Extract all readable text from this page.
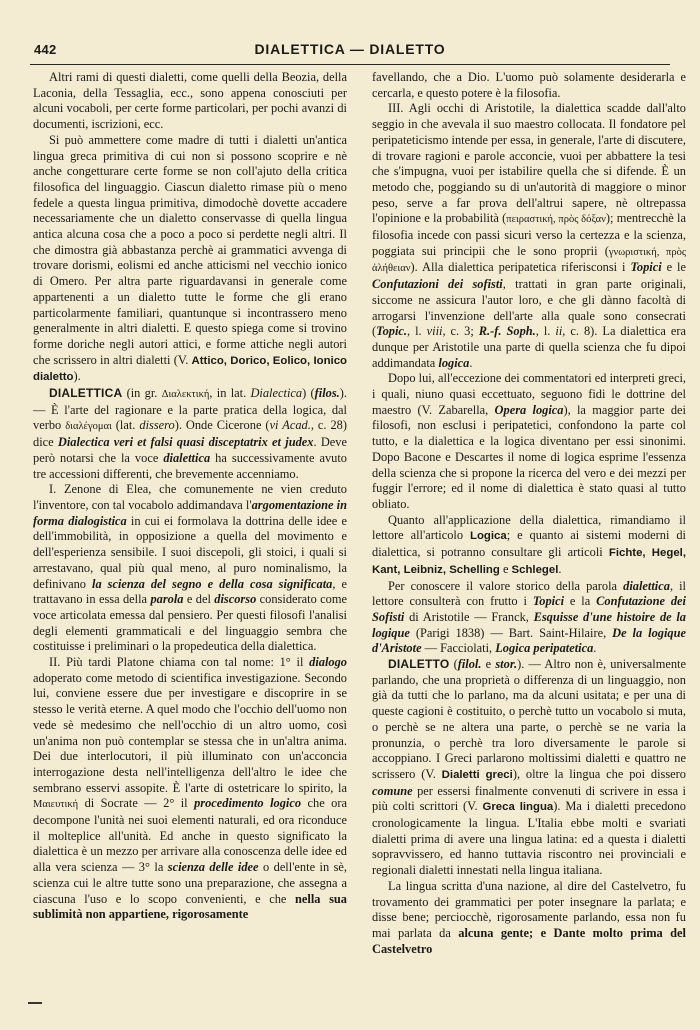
442	DIALETTICA — DIALETTO

Altri rami di questi dialetti, come quelli della Beozia, della Laconia, della Tessaglia, ecc., sono appena conosciuti per alcuni vocaboli, per certe forme particolari, per pochi avanzi di documenti, iscrizioni, ecc.

Si può ammettere come madre di tutti i dialetti un'antica lingua greca primitiva di cui non si possono scoprire e nè anche congetturare certe forme se non coll'ajuto della critica filosofica del linguaggio. Ciascun dialetto rimase più o meno fedele a questa lingua primitiva, dimodochè dovette accadere necessariamente che un dialetto conservasse di quella lingua antica alcuna cosa che a poco a poco si perdette negli altri. Il che dimostra già abbastanza perchè ai grammatici avvenga di trovare dorismi, eolismi ed anche atticismi nel vecchio ionico di Omero. Per altra parte riguardavansi in generale come appartenenti a un dialetto tutte le forme che gli erano particolarmente familiari, quantunque si incontrassero meno generalmente in altri dialetti. E questo spiega come si trovino forme doriche negli autori attici, e forme attiche negli autori che scrissero in altri dialetti (V. Attico, Dorico, Eolico, Ionico dialetto).

DIALETTICA (in gr. Διαλεκτική, in lat. Dialectica) (filos.). — È l'arte del ragionare e la parte pratica della logica, dal verbo διαλέγομαι (lat. dissero). Onde Cicerone (vi Acad., c. 28) dice Dialectica veri et falsi quasi disceptatrix et judex. Deve però notarsi che la voce dialettica ha successivamente avuto tre accessioni differenti, che brevemente accenniamo.

I. Zenone di Elea, che comunemente ne vien creduto l'inventore, con tal vocabolo addimandava l'argomentazione in forma dialogistica in cui ei formolava la dottrina delle idee e dell'immobilità, in opposizione a quella del movimento e dell'esperienza sensibile. I suoi discepoli, gli stoici, i quali si arrestavano, qual più qual meno, al puro nominalismo, la definivano la scienza del segno e della cosa significata, e trattavano in essa della parola e del discorso considerato come voce articolata emessa dal pensiero. Per questi filosofi l'analisi degli elementi grammaticali e del linguaggio sembra che costituisse i preliminari o la propedeutica della dialettica.

II. Più tardi Platone chiama con tal nome: 1° il dialogo adoperato come metodo di scientifica investigazione. Secondo lui, conviene essere due per investigare e discoprire in se stesso le verità eterne. A quel modo che l'occhio dell'uomo non vede sè medesimo che nell'occhio di un altro uomo, così un'anima non può contemplar se stessa che in un'altra anima. Dei due interlocutori, il più illuminato con un'acconcia interrogazione desta nell'intelligenza dell'altro le idee che sembrano esservi assopite. È l'arte di ostetricare lo spirito, la Μαιευτική di Socrate — 2° il procedimento logico che ora decompone l'unità nei suoi elementi naturali, ed ora riconduce il molteplice all'unità. Ed anche in questo significato la dialettica è un mezzo per arrivare alla conoscenza delle idee ed alla vera scienza — 3° la scienza delle idee o dell'ente in sè, scienza cui le altre tutte sono una preparazione, che assegna a ciascuna l'uso e lo scopo convenienti, e che nella sua sublimità non appartiene, rigorosamente

favellando, che a Dio. L'uomo può solamente desiderarla e cercarla, e questo potere è la filosofia.

III. Agli occhi di Aristotile, la dialettica scadde dall'alto seggio in che avevala il suo maestro collocata. Il fondatore pel peripateticismo intende per essa, in generale, l'arte di discutere, di trovare ragioni e parole acconcie, vuoi per abbattere la tesi che s'impugna, vuoi per istabilire quella che si difende. È un metodo che, poggiando su di un'autorità di maggiore o minor peso, serve a far prova dell'altrui sapere, nè oltrepassa l'opinione e la probabilità (πειραστική, πρὸς δόξαν); mentrecchè la filosofia incede con passi sicuri verso la certezza e la scienza, poggiata sui principii che le sono proprii (γνωριστική, πρὸς ἀλήθειαν). Alla dialettica peripatetica riferisconsi i Topici e le Confutazioni dei sofisti, trattati in gran parte originali, siccome ne assicura l'autor loro, e che gli dànno facoltà di arrogarsi l'invenzione dell'arte alla quale sono consecrati (Topic., l. viii, c. 3; R.-f. Soph., l. ii, c. 8). La dialettica era dunque per Aristotile una parte di quella scienza che fu dipoi addimandata logica.

Dopo lui, all'eccezione dei commentatori ed interpreti greci, i quali, niuno quasi eccettuato, seguono fidi le dottrine del maestro (V. Zabarella, Opera logica), la maggior parte dei filosofi, non esclusi i peripatetici, confondono la parte col tutto, e la dialettica e la logica diventano per essi sinonimi. Dopo Bacone e Descartes il nome di logica esprime l'essenza della scienza che si propone la ricerca del vero e dei mezzi per fuggir l'errore; ed il nome di dialettica è stato quasi al tutto obliato.

Quanto all'applicazione della dialettica, rimandiamo il lettore all'articolo Logica; e quanto ai sistemi moderni di dialettica, si potranno consultare gli articoli Fichte, Hegel, Kant, Leibniz, Schelling e Schlegel.

Per conoscere il valore storico della parola dialettica, il lettore consulterà con frutto i Topici e la Confutazione dei Sofisti di Aristotile — Franck, Esquisse d'une histoire de la logique (Parigi 1838) — Bart. Saint-Hilaire, De la logique d'Aristote — Facciolati, Logica peripatetica.

DIALETTO (filol. e stor.). — Altro non è, universalmente parlando, che una proprietà o differenza di un linguaggio, non già da tutti che lo parlano, ma da alcuni usitata; e per una di queste cagioni è costituito, o perchè tutto un vocabolo si muta, o perchè se ne altera una parte, o perchè se ne varia la pronunzia, o perchè tra loro diversamente le parole si accoppiano. I Greci parlarono moltissimi dialetti e quattro ne scrissero (V. Dialetti greci), oltre la lingua che poi dissero comune per essersi finalmente convenuti di scrivere in essa i più colti scrittori (V. Greca lingua). Ma i dialetti precedono cronologicamente la lingua. L'Italia ebbe molti e svariati dialetti prima di avere una lingua latina: ed a questa i dialetti sopravvissero, ed hanno tuttavia riscontro nei provinciali e regionali dialetti innestati nella lingua italiana.

La lingua scritta d'una nazione, al dire del Castelvetro, fu trovamento dei grammatici per poter insegnare la parlata; e disse bene; perciocchè, rigorosamente parlando, essa non fu mai parlata da alcuna gente; e Dante molto prima del Castelvetro
